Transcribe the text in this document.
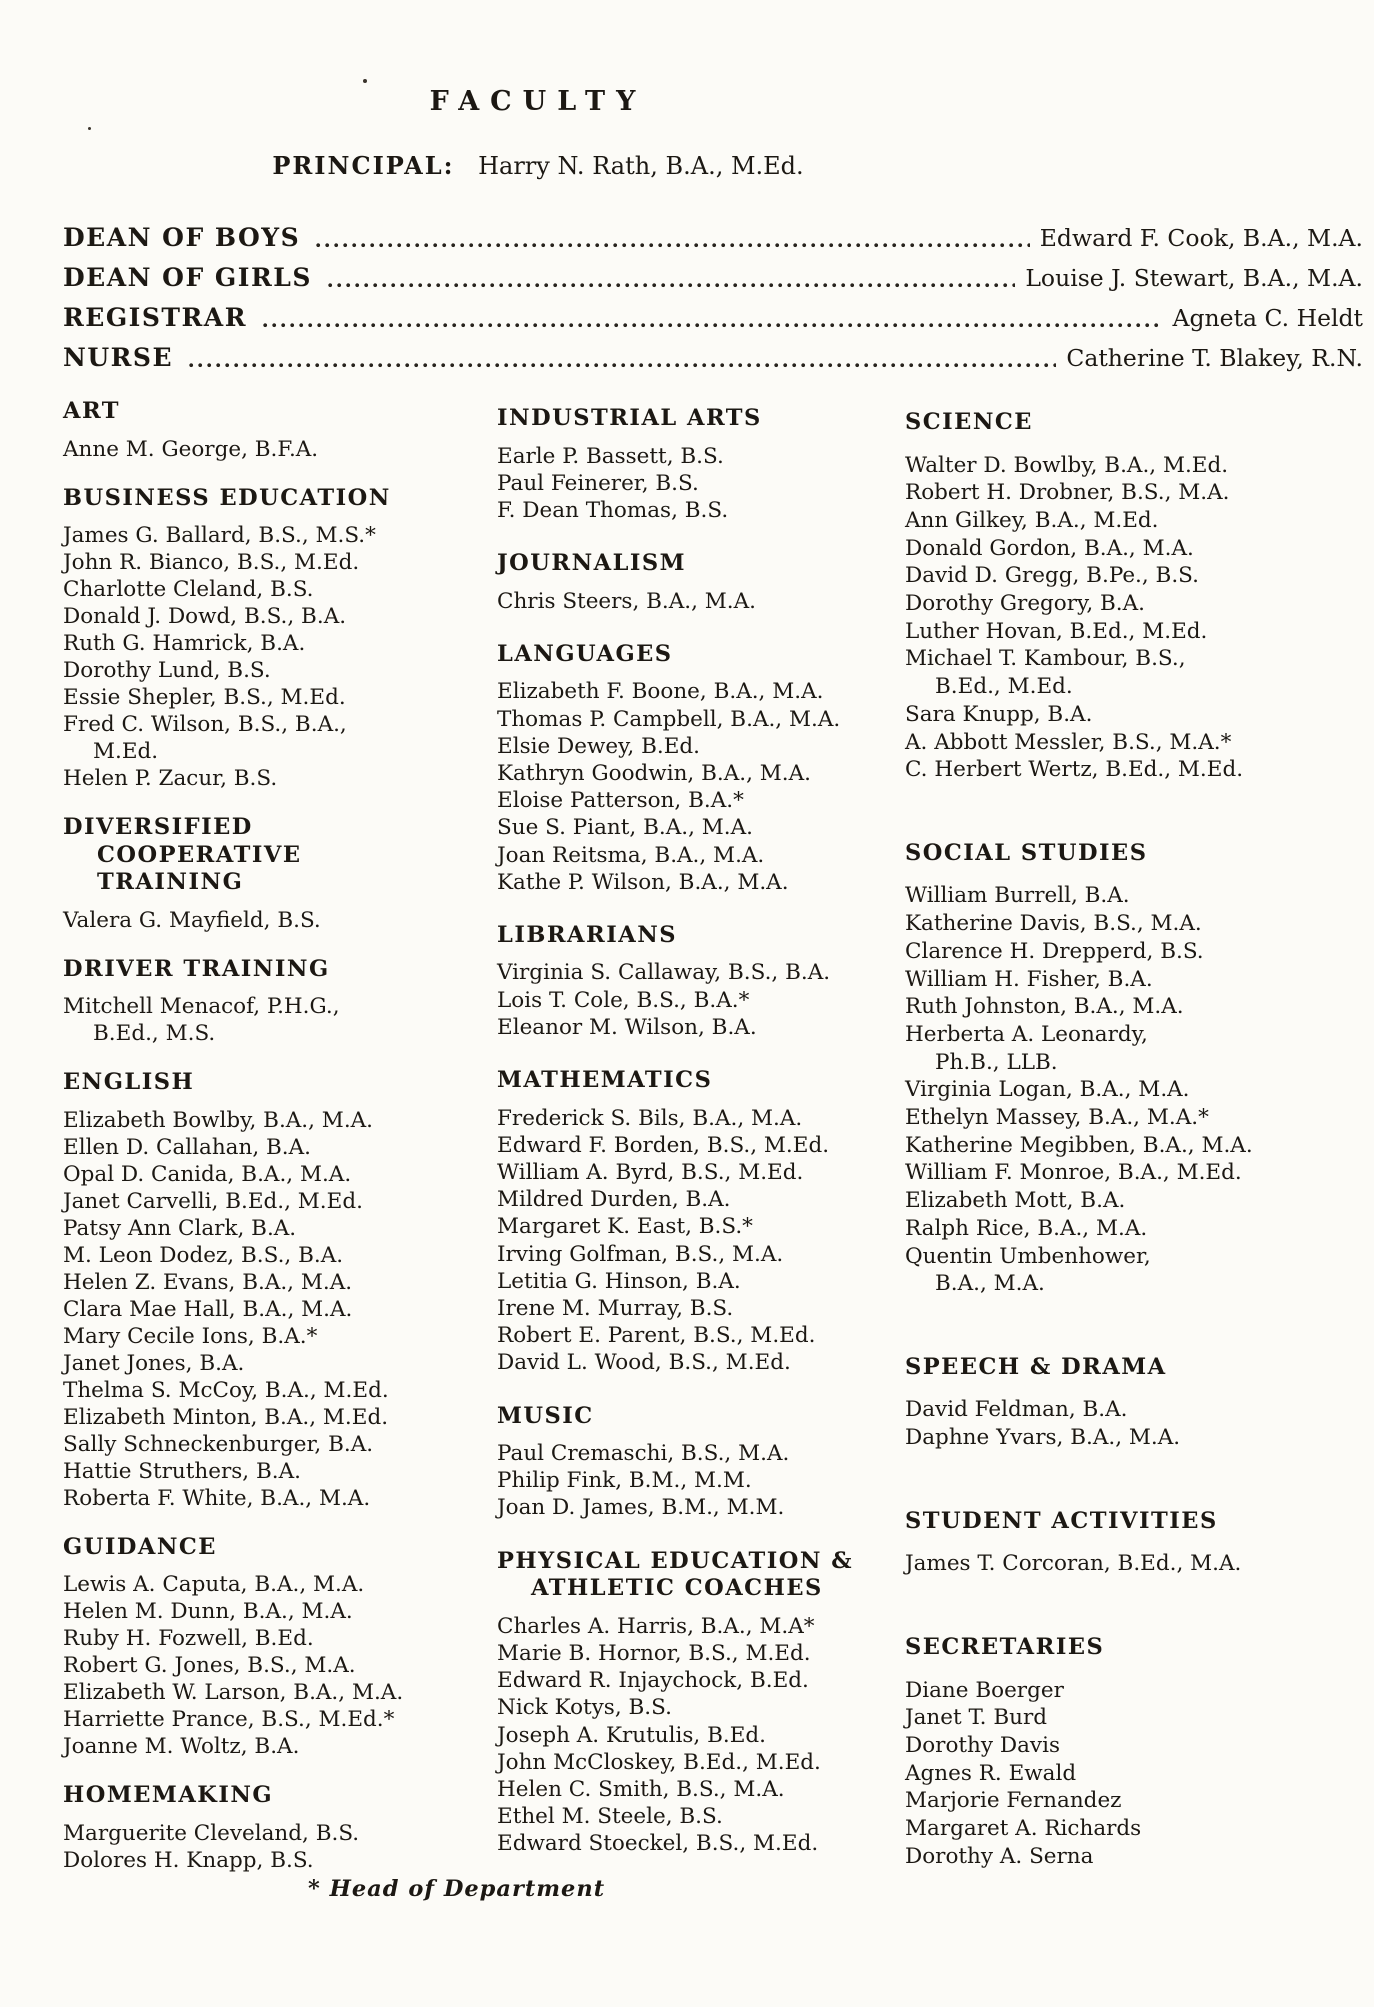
FACULTY
PRINCIPAL: Harry N. Rath, B.A., M.Ed.
DEAN OF BOYS	Edward F. Cook, B.A., M.A.
DEAN OF GIRLS	Louise J. Stewart, B.A., M.A.
REGISTRAR	Agneta C. Heldt
NURSE	Catherine T. Blakey, R.N.
ART
Anne M. George, B.F.A.
BUSINESS EDUCATION
James G. Ballard, B.S., M.S.*
John R. Bianco, B.S., M.Ed.
Charlotte Cleland, B.S.
Donald J. Dowd, B.S., B.A.
Ruth G. Hamrick, B.A.
Dorothy Lund, B.S.
Essie Shepler, B.S., M.Ed.
Fred C. Wilson, B.S., B.A.,
M.Ed.
Helen P. Zacur, B.S.
DIVERSIFIED
COOPERATIVE
TRAINING
Valera G. Mayfield, B.S.
DRIVER TRAINING
Mitchell Menacof, P.H.G.,
B.Ed., M.S.
ENGLISH
Elizabeth Bowlby, B.A., M.A.
Ellen D. Callahan, B.A.
Opal D. Canida, B.A., M.A.
Janet Carvelli, B.Ed., M.Ed.
Patsy Ann Clark, B.A.
M. Leon Dodez, B.S., B.A.
Helen Z. Evans, B.A., M.A.
Clara Mae Hall, B.A., M.A.
Mary Cecile Ions, B.A.*
Janet Jones, B.A.
Thelma S. McCoy, B.A., M.Ed.
Elizabeth Minton, B.A., M.Ed.
Sally Schneckenburger, B.A.
Hattie Struthers, B.A.
Roberta F. White, B.A., M.A.
GUIDANCE
Lewis A. Caputa, B.A., M.A.
Helen M. Dunn, B.A., M.A.
Ruby H. Fozwell, B.Ed.
Robert G. Jones, B.S., M.A.
Elizabeth W. Larson, B.A., M.A.
Harriette Prance, B.S., M.Ed.*
Joanne M. Woltz, B.A.
HOMEMAKING
Marguerite Cleveland, B.S.
Dolores H. Knapp, B.S.
INDUSTRIAL ARTS
Earle P. Bassett, B.S.
Paul Feinerer, B.S.
F. Dean Thomas, B.S.
JOURNALISM
Chris Steers, B.A., M.A.
LANGUAGES
Elizabeth F. Boone, B.A., M.A.
Thomas P. Campbell, B.A., M.A.
Elsie Dewey, B.Ed.
Kathryn Goodwin, B.A., M.A.
Eloise Patterson, B.A.*
Sue S. Piant, B.A., M.A.
Joan Reitsma, B.A., M.A.
Kathe P. Wilson, B.A., M.A.
LIBRARIANS
Virginia S. Callaway, B.S., B.A.
Lois T. Cole, B.S., B.A.*
Eleanor M. Wilson, B.A.
MATHEMATICS
Frederick S. Bils, B.A., M.A.
Edward F. Borden, B.S., M.Ed.
William A. Byrd, B.S., M.Ed.
Mildred Durden, B.A.
Margaret K. East, B.S.*
Irving Golfman, B.S., M.A.
Letitia G. Hinson, B.A.
Irene M. Murray, B.S.
Robert E. Parent, B.S., M.Ed.
David L. Wood, B.S., M.Ed.
MUSIC
Paul Cremaschi, B.S., M.A.
Philip Fink, B.M., M.M.
Joan D. James, B.M., M.M.
PHYSICAL EDUCATION &
ATHLETIC COACHES
Charles A. Harris, B.A., M.A*
Marie B. Hornor, B.S., M.Ed.
Edward R. Injaychock, B.Ed.
Nick Kotys, B.S.
Joseph A. Krutulis, B.Ed.
John McCloskey, B.Ed., M.Ed.
Helen C. Smith, B.S., M.A.
Ethel M. Steele, B.S.
Edward Stoeckel, B.S., M.Ed.
SCIENCE
Walter D. Bowlby, B.A., M.Ed.
Robert H. Drobner, B.S., M.A.
Ann Gilkey, B.A., M.Ed.
Donald Gordon, B.A., M.A.
David D. Gregg, B.Pe., B.S.
Dorothy Gregory, B.A.
Luther Hovan, B.Ed., M.Ed.
Michael T. Kambour, B.S.,
B.Ed., M.Ed.
Sara Knupp, B.A.
A. Abbott Messler, B.S., M.A.*
C. Herbert Wertz, B.Ed., M.Ed.
SOCIAL STUDIES
William Burrell, B.A.
Katherine Davis, B.S., M.A.
Clarence H. Drepperd, B.S.
William H. Fisher, B.A.
Ruth Johnston, B.A., M.A.
Herberta A. Leonardy,
Ph.B., LLB.
Virginia Logan, B.A., M.A.
Ethelyn Massey, B.A., M.A.*
Katherine Megibben, B.A., M.A.
William F. Monroe, B.A., M.Ed.
Elizabeth Mott, B.A.
Ralph Rice, B.A., M.A.
Quentin Umbenhower,
B.A., M.A.
SPEECH & DRAMA
David Feldman, B.A.
Daphne Yvars, B.A., M.A.
STUDENT ACTIVITIES
James T. Corcoran, B.Ed., M.A.
SECRETARIES
Diane Boerger
Janet T. Burd
Dorothy Davis
Agnes R. Ewald
Marjorie Fernandez
Margaret A. Richards
Dorothy A. Serna
* Head of Department
